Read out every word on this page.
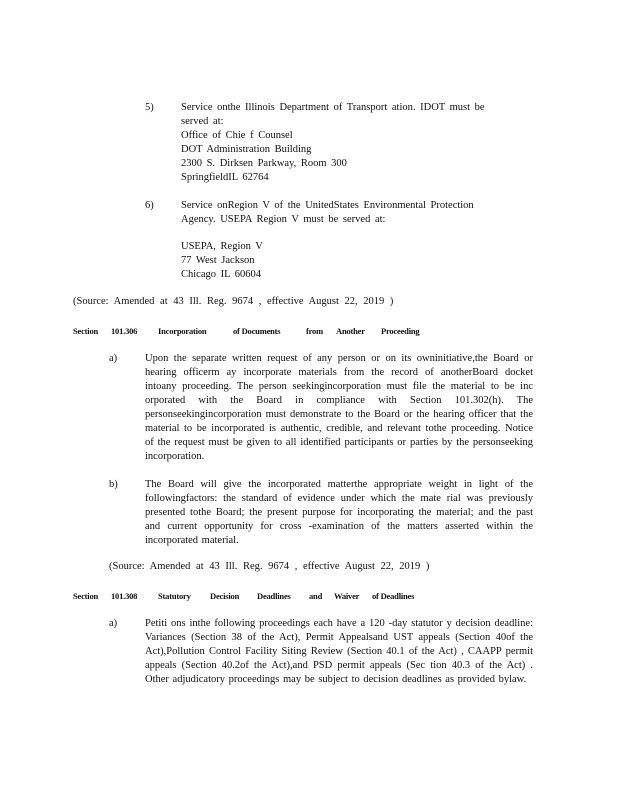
5)	Service onthe Illinois Department of Transport ation. IDOT must be
served at:
Office of Chie f Counsel
DOT Administration Building
2300 S. Dirksen Parkway, Room 300
SpringfieldIL 62764
6)	Service onRegion V of the UnitedStates Environmental Protection
Agency. USEPA Region V must be served at:
USEPA, Region V
77 West Jackson
Chicago IL 60604
(Source: Amended at 43 Ill. Reg. 9674 , effective August 22, 2019 )
Section 101.306 Incorporation	of Documents	from Another Proceeding
a)	Upon the separate written request of any person or on its owninitiative,the Board or hearing officerm ay incorporate materials from the record of anotherBoard docket intoany proceeding. The person seekingincorporation must file the material to be inc orporated with the Board in compliance with Section 101.302(h). The personseekingincorporation must demonstrate to the Board or the hearing officer that the material to be incorporated is authentic, credible, and relevant tothe proceeding. Notice of the request must be given to all identified participants or parties by the personseeking incorporation.
b)	The Board will give the incorporated matterthe appropriate weight in light of the followingfactors: the standard of evidence under which the mate rial was previously presented tothe Board; the present purpose for incorporating the material; and the past and current opportunity for cross -examination of the matters asserted within the incorporated material.
(Source: Amended at 43 Ill. Reg. 9674 , effective August 22, 2019 )
Section 101.308 Statutory Decision Deadlines and Waiver of Deadlines
a)	Petiti ons inthe following proceedings each have a 120 -day statutor y decision deadline: Variances (Section 38 of the Act), Permit Appealsand UST appeals (Section 40of the Act),Pollution Control Facility Siting Review (Section 40.1 of the Act) , CAAPP permit appeals (Section 40.2of the Act),and PSD permit appeals (Sec tion 40.3 of the Act) . Other adjudicatory proceedings may be subject to decision deadlines as provided bylaw.
